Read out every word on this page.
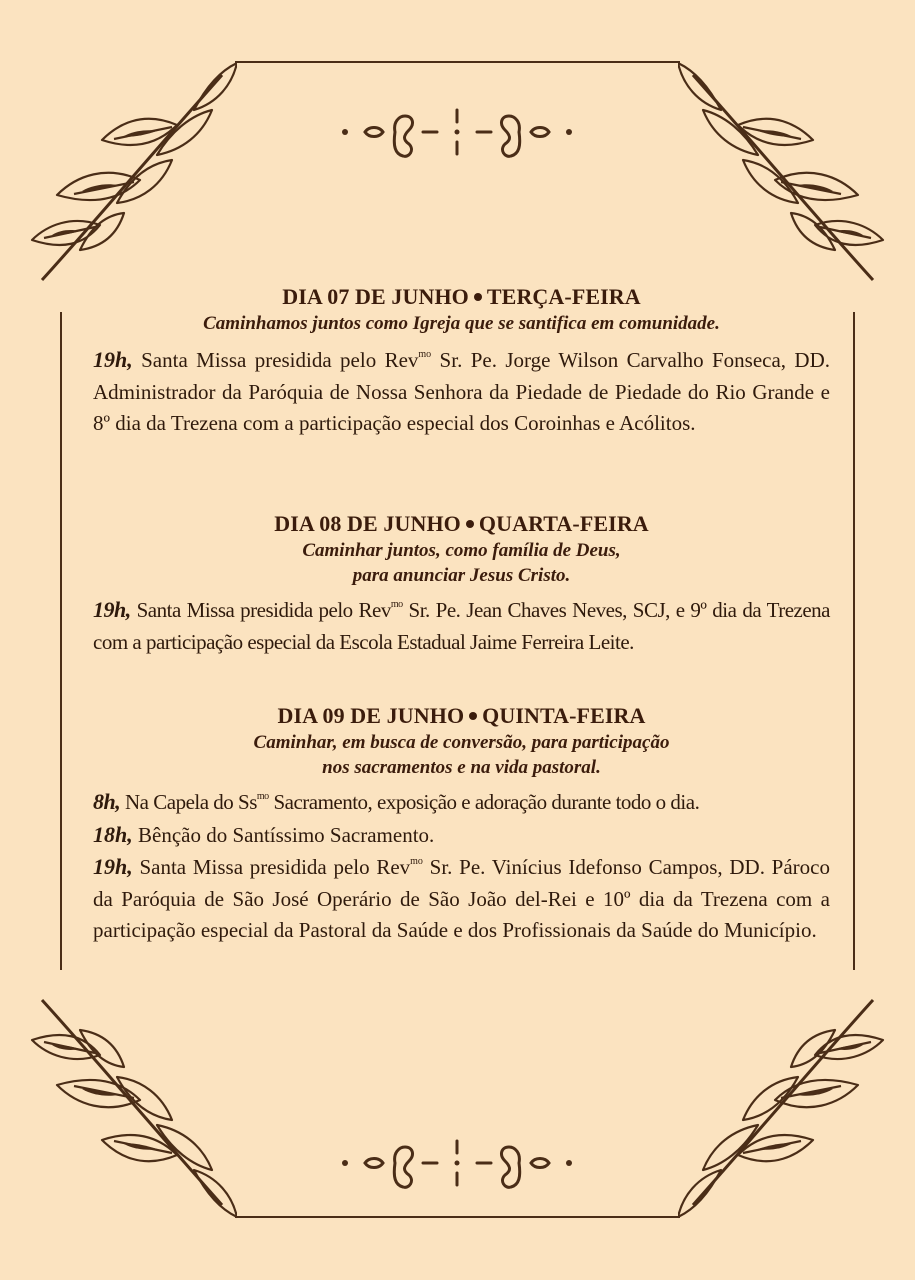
DIA 07 DE JUNHO TERÇA-FEIRA

Caminhamos juntos como Igreja que se santifica em comunidade.

19h, Santa Missa presidida pelo Rev$^{mo}$ Sr. Pe. Jorge Wilson Carvalho Fonseca, DD. Administrador da Paróquia de Nossa Senhora da Piedade de Piedade do Rio Grande e 8º dia da Trezena com a participação especial dos Coroinhas e Acólitos.

DIA 08 DE JUNHO QUARTA-FEIRA

Caminhar juntos, como família de Deus,

para anunciar Jesus Cristo.

19h, Santa Missa presidida pelo Rev$^{mo}$ Sr. Pe. Jean Chaves Neves, SCJ, e 9º dia da Trezena com a participação especial da Escola Estadual Jaime Ferreira Leite.

DIA 09 DE JUNHO QUINTA-FEIRA

Caminhar, em busca de conversão, para participação

nos sacramentos e na vida pastoral.

8h, Na Capela do $Ss^{mo}$ Sacramento, exposição e adoração durante todo o dia.

18h, Bênção do Santíssimo Sacramento.

19h, Santa Missa presidida pelo Rev$^{mo}$ Sr. Pe. Vinícius Idefonso Campos, DD. Pároco da Paróquia de São José Operário de São João del-Rei e 10º dia da Trezena com a participação especial da Pastoral da Saúde e dos Profissionais da Saúde do Município.
